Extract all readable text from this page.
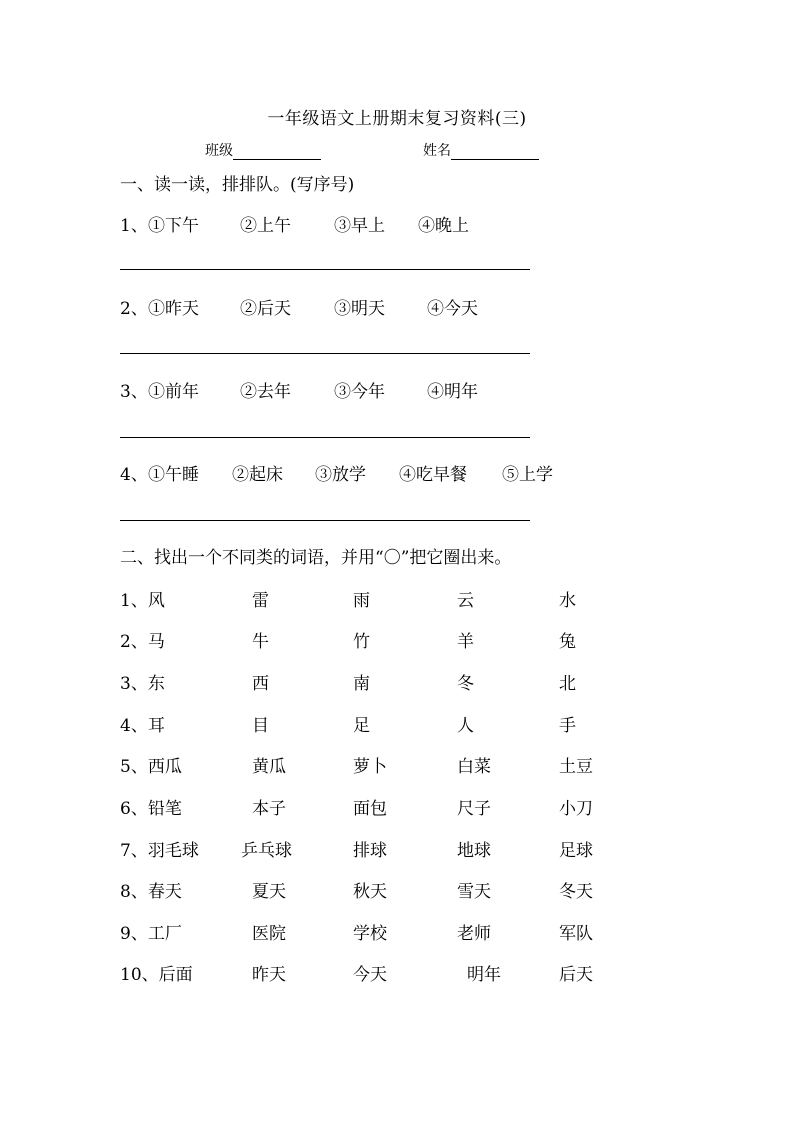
一年级语文上册期末复习资料(三)
班级	姓名
一、读一读，排排队。(写序号)
1、 ①下午 ②上午	③早上 ④晚上
2、 ①昨天 ②后天	③明天 ④今天
3、 ①前年 ②去年	③今年 ④明年
4、 ①午睡 ②起床 ③放学 ④吃早餐 ⑤上学
二、找出一个不同类的词语，并用“〇”把它圈出来。
1、风	雷	雨	云	水
2、马	牛	竹	羊	兔
3、东	西	南	冬	北
4、耳	目	足	人	手
5、西瓜	黄瓜	萝卜	白菜	土豆
6、铅笔	本子	面包	尺子	小刀
7、羽毛球 乒乓球	排球	地球	足球
8、春天	夏天	秋天	雪天	冬天
9、工厂	医院	学校	老师	军队
10、后面	昨天	今天	明年	后天
